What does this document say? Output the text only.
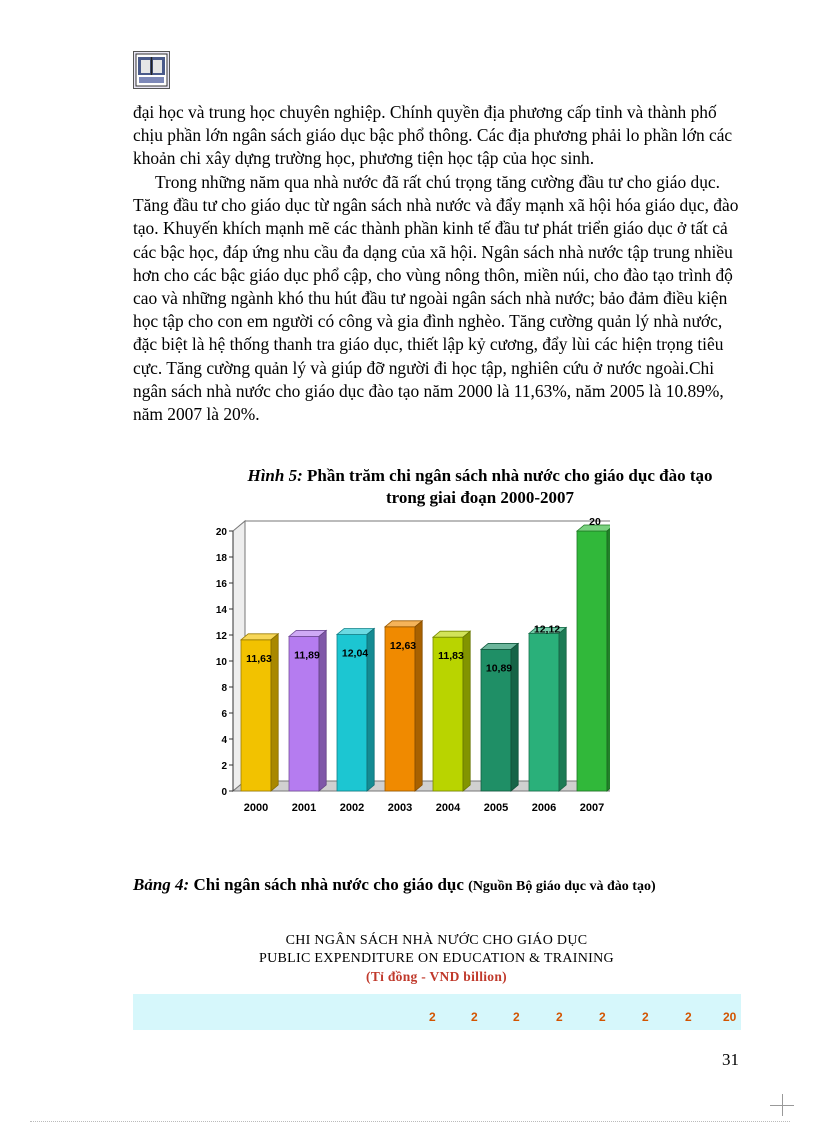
đại học và trung học chuyên nghiệp. Chính quyền địa phương cấp tỉnh và thành phố chịu phần lớn ngân sách giáo dục bậc phổ thông. Các địa phương phải lo phần lớn các khoản chi xây dựng trường học, phương tiện học tập của học sinh.

Trong những năm qua nhà nước đã rất chú trọng tăng cường đầu tư cho giáo dục. Tăng đầu tư cho giáo dục từ ngân sách nhà nước và đẩy mạnh xã hội hóa giáo dục, đào tạo. Khuyến khích mạnh mẽ các thành phần kinh tế đầu tư phát triển giáo dục ở tất cả các bậc học, đáp ứng nhu cầu đa dạng của xã hội. Ngân sách nhà nước tập trung nhiều hơn cho các bậc giáo dục phổ cập, cho vùng nông thôn, miền núi, cho đào tạo trình độ cao và những ngành khó thu hút đầu tư ngoài ngân sách nhà nước; bảo đảm điều kiện học tập cho con em người có công và gia đình nghèo. Tăng cường quản lý nhà nước, đặc biệt là hệ thống thanh tra giáo dục, thiết lập kỷ cương, đẩy lùi các hiện trọng tiêu cực. Tăng cường quản lý và giúp đỡ người đi học tập, nghiên cứu ở nước ngoài.Chi ngân sách nhà nước cho giáo dục đào tạo năm 2000 là 11,63%, năm 2005 là 10.89%, năm 2007 là 20%.

Hình 5: Phần trăm chi ngân sách nhà nước cho giáo dục đào tạo
trong giai đoạn 2000-2007
0
2
4
6
8
10
12
14
16
18
20
11,63
2000
11,89
2001
12,04
2002
12,63
2003
11,83
2004
10,89
2005
12,12
2006
20
2007
Bảng 4: Chi ngân sách nhà nước cho giáo dục (Nguồn Bộ giáo dục và đào tạo)
CHI NGÂN SÁCH NHÀ NƯỚC CHO GIÁO DỤC
PUBLIC EXPENDITURE ON EDUCATION & TRAINING
(Tỉ đồng - VND billion)
2	2	2	2	2	2	2	20
31
